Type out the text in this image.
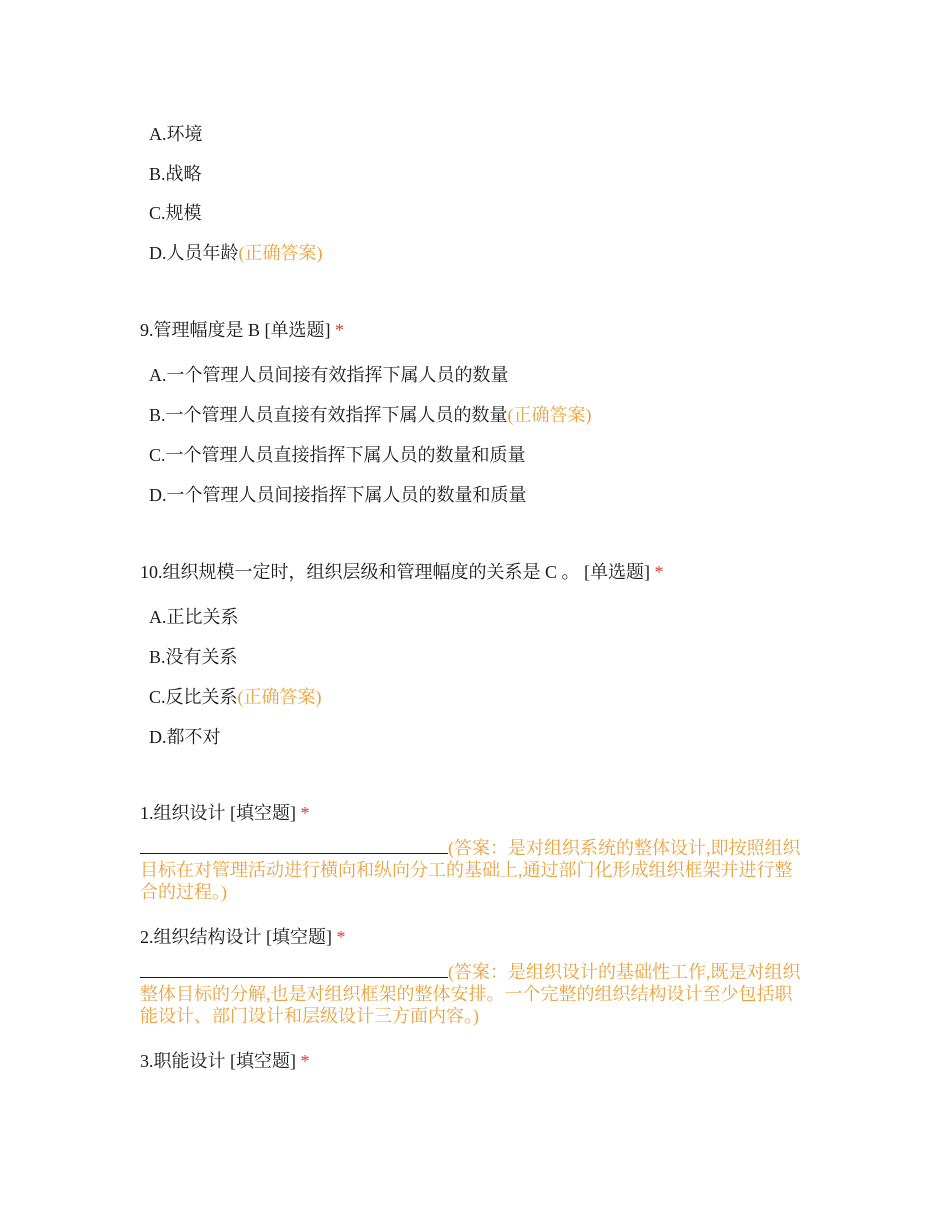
A.环境
B.战略
C.规模
D.人员年龄(正确答案)
9.管理幅度是 B [单选题] *
A.一个管理人员间接有效指挥下属人员的数量
B.一个管理人员直接有效指挥下属人员的数量(正确答案)
C.一个管理人员直接指挥下属人员的数量和质量
D.一个管理人员间接指挥下属人员的数量和质量
10.组织规模一定时，组织层级和管理幅度的关系是 C 。 [单选题] *
A.正比关系
B.没有关系
C.反比关系(正确答案)
D.都不对
1.组织设计 [填空题] *
(答案：是对组织系统的整体设计,即按照组织目标在对管理活动进行横向和纵向分工的基础上,通过部门化形成组织框架并进行整合的过程。)
2.组织结构设计 [填空题] *
(答案：是组织设计的基础性工作,既是对组织整体目标的分解,也是对组织框架的整体安排。一个完整的组织结构设计至少包括职能设计、部门设计和层级设计三方面内容。)
3.职能设计 [填空题] *
